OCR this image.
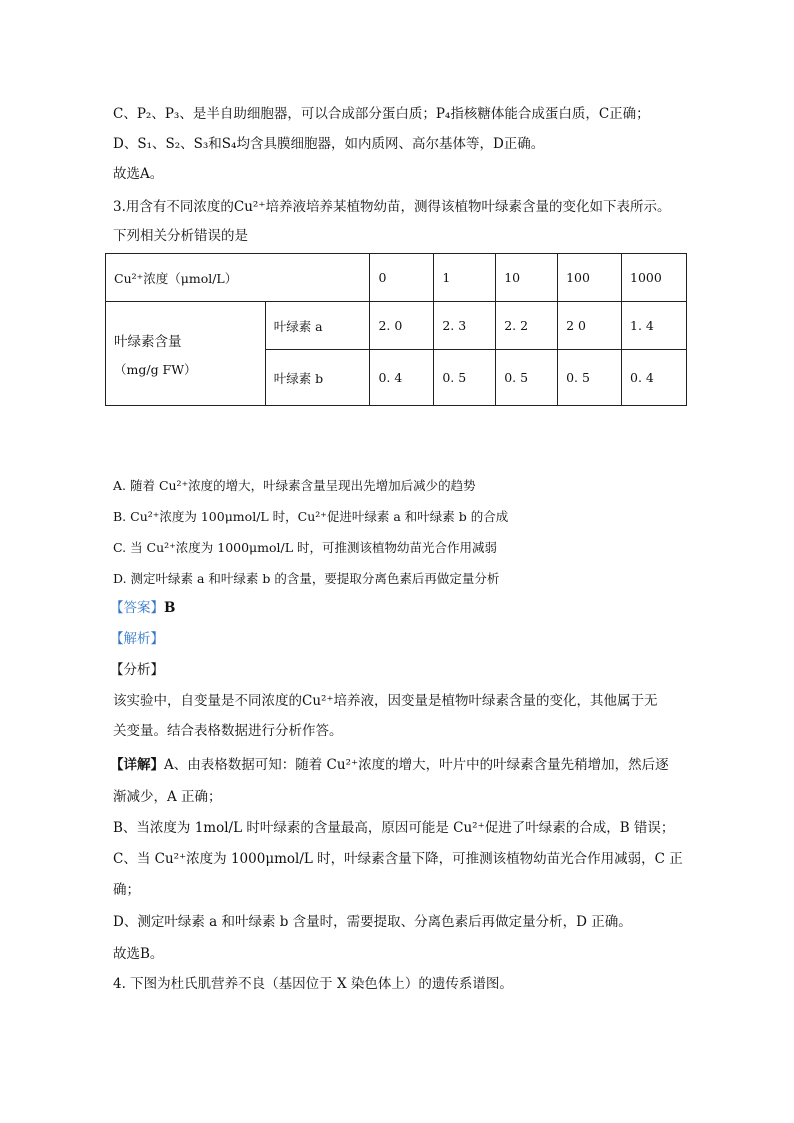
C、P₂、P₃、是半自助细胞器，可以合成部分蛋白质；P₄指核糖体能合成蛋白质，C正确；
D、S₁、S₂、S₃和S₄均含具膜细胞器，如内质网、高尔基体等，D正确。
故选A。
3.用含有不同浓度的Cu²⁺培养液培养某植物幼苗，测得该植物叶绿素含量的变化如下表所示。
下列相关分析错误的是
Cu²⁺浓度（μmol/L）		0	1	10	100	1000

叶绿素含量
（mg/g FW）	叶绿素 a	2. 0	2. 3	2. 2	2 0	1. 4
	叶绿素 b	0. 4	0. 5	0. 5	0. 5	0. 4
A. 随着 Cu²⁺浓度的增大，叶绿素含量呈现出先增加后减少的趋势
B. Cu²⁺浓度为 100μmol/L 时，Cu²⁺促进叶绿素 a 和叶绿素 b 的合成
C. 当 Cu²⁺浓度为 1000μmol/L 时，可推测该植物幼苗光合作用减弱
D. 测定叶绿素 a 和叶绿素 b 的含量，要提取分离色素后再做定量分析
【答案】B
【解析】
【分析】
该实验中，自变量是不同浓度的Cu²⁺培养液，因变量是植物叶绿素含量的变化，其他属于无
关变量。结合表格数据进行分析作答。
【详解】A、由表格数据可知：随着 Cu²⁺浓度的增大，叶片中的叶绿素含量先稍增加，然后逐
渐减少，A 正确；
B、当浓度为 1mol/L 时叶绿素的含量最高，原因可能是 Cu²⁺促进了叶绿素的合成，B 错误；
C、当 Cu²⁺浓度为 1000μmol/L 时，叶绿素含量下降，可推测该植物幼苗光合作用减弱，C 正
确；
D、测定叶绿素 a 和叶绿素 b 含量时，需要提取、分离色素后再做定量分析，D 正确。
故选B。
4. 下图为杜氏肌营养不良（基因位于 X 染色体上）的遗传系谱图。
